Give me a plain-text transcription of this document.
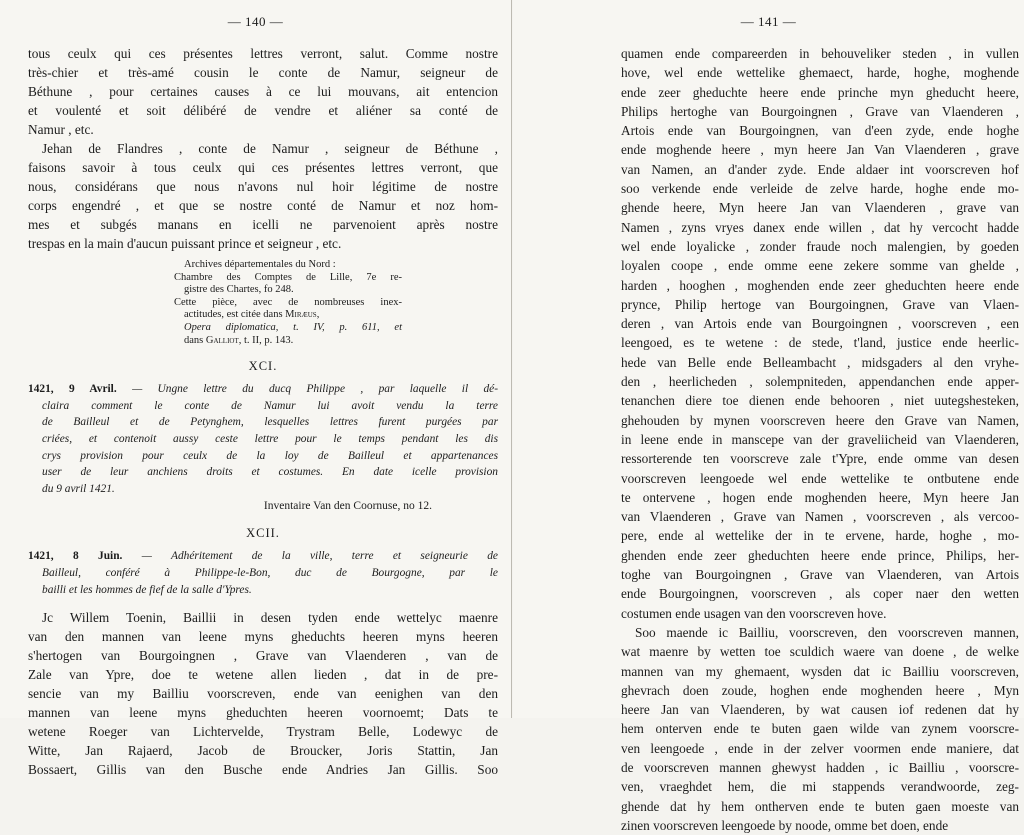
— 140 —
tous ceulx qui ces présentes lettres verront, salut. Comme nostre
très-chier et très-amé cousin le conte de Namur, seigneur de
Béthune , pour certaines causes à ce lui mouvans, ait entencion
et voulenté et soit délibéré de vendre et aliéner sa conté de
Namur , etc.
Jehan de Flandres , conte de Namur , seigneur de Béthune ,
faisons savoir à tous ceulx qui ces présentes lettres verront, que
nous, considérans que nous n'avons nul hoir légitime de nostre
corps engendré , et que se nostre conté de Namur et noz hom-
mes et subgés manans en icelli ne parvenoient après nostre
trespas en la main d'aucun puissant prince et seigneur , etc.
Archives départementales du Nord :
Chambre des Comptes de Lille, 7e re-
gistre des Chartes, fo 248.
Cette pièce, avec de nombreuses inex-
actitudes, est citée dans Miræus,
Opera diplomatica, t. IV, p. 611, et
dans Galliot, t. II, p. 143.
XCI.
1421, 9 Avril. — Ungne lettre du ducq Philippe , par laquelle il dé-
claira comment le conte de Namur lui avoit vendu la terre
de Bailleul et de Petynghem, lesquelles lettres furent purgées par
criées, et contenoit aussy ceste lettre pour le temps pendant les dis
crys provision pour ceulx de la loy de Bailleul et appartenances
user de leur anchiens droits et costumes. En date icelle provision
du 9 avril 1421.
Inventaire Van den Coornuse, no 12.
XCII.
1421, 8 Juin. — Adhéritement de la ville, terre et seigneurie de
Bailleul, conféré à Philippe-le-Bon, duc de Bourgogne, par le
bailli et les hommes de fief de la salle d'Ypres.
Jc Willem Toenin, Baillii in desen tyden ende wettelyc maenre
van den mannen van leene myns gheduchts heeren myns heeren
s'hertogen van Bourgoingnen , Grave van Vlaenderen , van de
Zale van Ypre, doe te wetene allen lieden , dat in de pre-
sencie van my Bailliu voorscreven, ende van eenighen van den
mannen van leene myns gheduchten heeren voornoemt; Dats te
wetene Roeger van Lichtervelde, Trystram Belle, Lodewyc de
Witte, Jan Rajaerd, Jacob de Broucker, Joris Stattin, Jan
Bossaert, Gillis van den Busche ende Andries Jan Gillis. Soo
— 141 —
quamen ende compareerden in behouveliker steden , in vullen
hove, wel ende wettelike ghemaect, harde, hoghe, moghende
ende zeer gheduchte heere ende prinche myn gheducht heere,
Philips hertoghe van Bourgoingnen , Grave van Vlaenderen ,
Artois ende van Bourgoingnen, van d'een zyde, ende hoghe
ende moghende heere , myn heere Jan Van Vlaenderen , grave
van Namen, an d'ander zyde. Ende aldaer int voorscreven hof
soo verkende ende verleide de zelve harde, hoghe ende mo-
ghende heere, Myn heere Jan van Vlaenderen , grave van
Namen , zyns vryes danex ende willen , dat hy vercocht hadde
wel ende loyalicke , zonder fraude noch malengien, by goeden
loyalen coope , ende omme eene zekere somme van ghelde ,
harden , hooghen , moghenden ende zeer gheduchten heere ende
prynce, Philip hertoge van Bourgoingnen, Grave van Vlaen-
deren , van Artois ende van Bourgoingnen , voorscreven , een
leengoed, es te wetene : de stede, t'land, justice ende heerlic-
hede van Belle ende Belleambacht , midsgaders al den vryhe-
den , heerlicheden , solempniteden, appendanchen ende apper-
tenanchen diere toe dienen ende behooren , niet uutegshesteken,
ghehouden by mynen voorscreven heere den Grave van Namen,
in leene ende in manscepe van der graveliicheid van Vlaenderen,
ressorterende ten voorscreve zale t'Ypre, ende omme van desen
voorscreven leengoede wel ende wettelike te ontbutene ende
te ontervene , hogen ende moghenden heere, Myn heere Jan
van Vlaenderen , Grave van Namen , voorscreven , als vercoo-
pere, ende al wettelike der in te ervene, harde, hoghe , mo-
ghenden ende zeer gheduchten heere ende prince, Philips, her-
toghe van Bourgoingnen , Grave van Vlaenderen, van Artois
ende Bourgoingnen, voorscreven , als coper naer den wetten
costumen ende usagen van den voorscreven hove.
Soo maende ic Bailliu, voorscreven, den voorscreven mannen,
wat maenre by wetten toe sculdich waere van doene , de welke
mannen van my ghemaent, wysden dat ic Bailliu voorscreven,
ghevrach doen zoude, hoghen ende moghenden heere , Myn
heere Jan van Vlaenderen, by wat causen iof redenen dat hy
hem onterven ende te buten gaen wilde van zynem voorscre-
ven leengoede , ende in der zelver voormen ende maniere, dat
de voorscreven mannen ghewyst hadden , ic Bailliu , voorscre-
ven, vraeghdet hem, die mi stappends verandwoorde, zeg-
ghende dat hy hem ontherven ende te buten gaen moeste van
zinen voorscreven leengoede by noode, omme bet doen, ende
